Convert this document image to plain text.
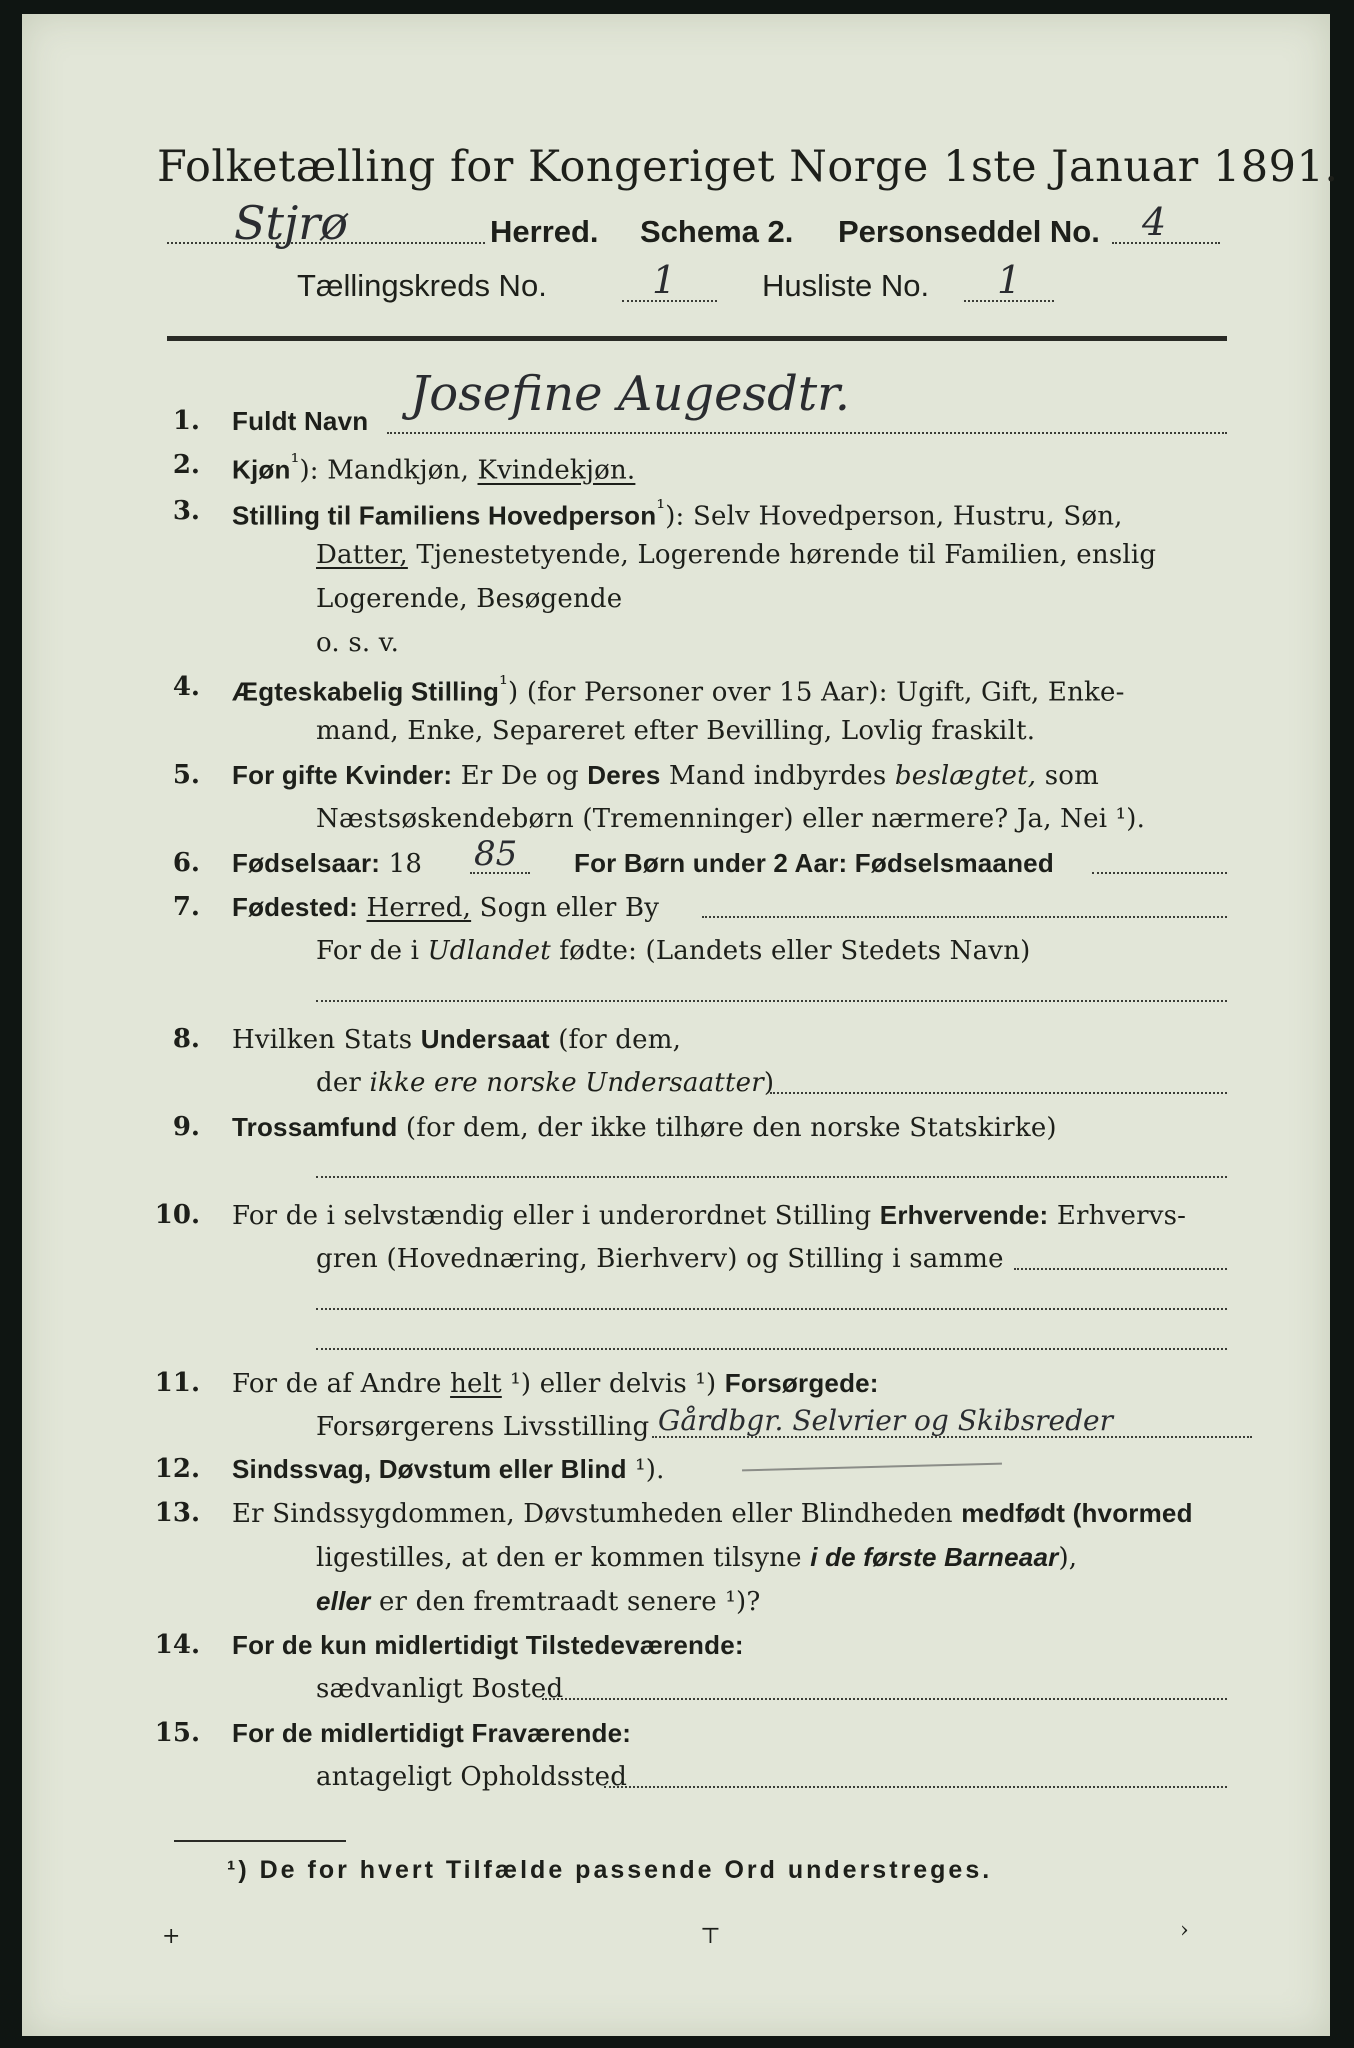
Folketælling for Kongeriget Norge 1ste Januar 1891.
Stjrø	Herred. Schema 2. Personseddel No. 4
Tællingskreds No.	1	Husliste No. 1
1. Fuldt Navn Josefine Augesdtr.
2. Kjøn$^{^1}$): Mandkjøn, Kvindekjøn.
3. Stilling til Familiens Hovedperson$^{^1}$): Selv Hovedperson, Hustru, Søn,
Datter, Tjenestetyende, Logerende hørende til Familien, enslig
Logerende, Besøgende
o. s. v.
4. Ægteskabelig Stilling$^{^1}$) (for Personer over 15 Aar): Ugift, Gift, Enke-
mand, Enke, Separeret efter Bevilling, Lovlig fraskilt.
5. For gifte Kvinder: Er De og Deres Mand indbyrdes beslægtet, som
Næstsøskendebørn (Tremenninger) eller nærmere? Ja, Nei ¹).
6. Fødselsaar: 18 85 For Børn under 2 Aar: Fødselsmaaned
7. Fødested: Herred, Sogn eller By
For de i Udlandet fødte: (Landets eller Stedets Navn)
8. Hvilken Stats Undersaat (for dem,
der ikke ere norske Undersaatter)
9. Trossamfund (for dem, der ikke tilhøre den norske Statskirke)
10. For de i selvstændig eller i underordnet Stilling Erhvervende: Erhvervs-
gren (Hovednæring, Bierhverv) og Stilling i samme
11. For de af Andre helt ¹) eller delvis ¹) Forsørgede:
Forsørgerens Livsstilling Gårdbgr. Selvrier og Skibsreder
12. Sindssvag, Døvstum eller Blind ¹).
13. Er Sindssygdommen, Døvstumheden eller Blindheden medfødt (hvormed
ligestilles, at den er kommen tilsyne i de første Barneaar),
eller er den fremtraadt senere ¹)?
14. For de kun midlertidigt Tilstedeværende:
sædvanligt Bosted
15. For de midlertidigt Fraværende:
antageligt Opholdssted
¹) De for hvert Tilfælde passende Ord understreges.
+	⊤	›
